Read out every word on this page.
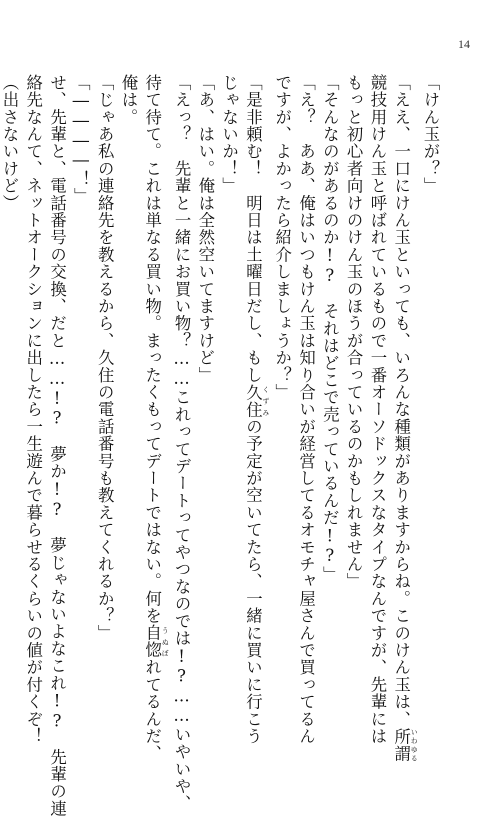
14
「けん玉が？」
「ええ、一口にけん玉といっても、いろんな種類がありますからね。このけん玉は、所謂 いわゆる
競技用けん玉と呼ばれているもので一番オーソドックスなタイプなんですが、先輩には
もっと初心者向けのけん玉のほうが合っているのかもしれません」
「そんなのがあるのか!?　それはどこで売っているんだ!?」
「え？　ああ、俺はいつもけん玉は知り合いが経営してるオモチャ屋さんで買ってるん
ですが、よかったら紹介しましょうか？」
「是非頼む！　明日は土曜日だし、もし久住 くずみの予定が空いてたら、一緒に買いに行こう
じゃないか！」
「あ、はい。俺は全然空いてますけど」
「えっ？　先輩と一緒にお買い物？……これってデートってやつなのでは!?……いやいや、
待て待て。これは単なる買い物。まったくもってデートではない。何を自惚 うぬぼれてるんだ、
俺は。
「じゃあ私の連絡先を教えるから、久住の電話番号も教えてくれるか？」
「――――！」
せ、先輩と、電話番号の交換、だと……!?　夢か!?　夢じゃないよなこれ!?　先輩の連
絡先なんて、ネットオークションに出したら一生遊んで暮らせるくらいの値が付くぞ！
（出さないけど）
